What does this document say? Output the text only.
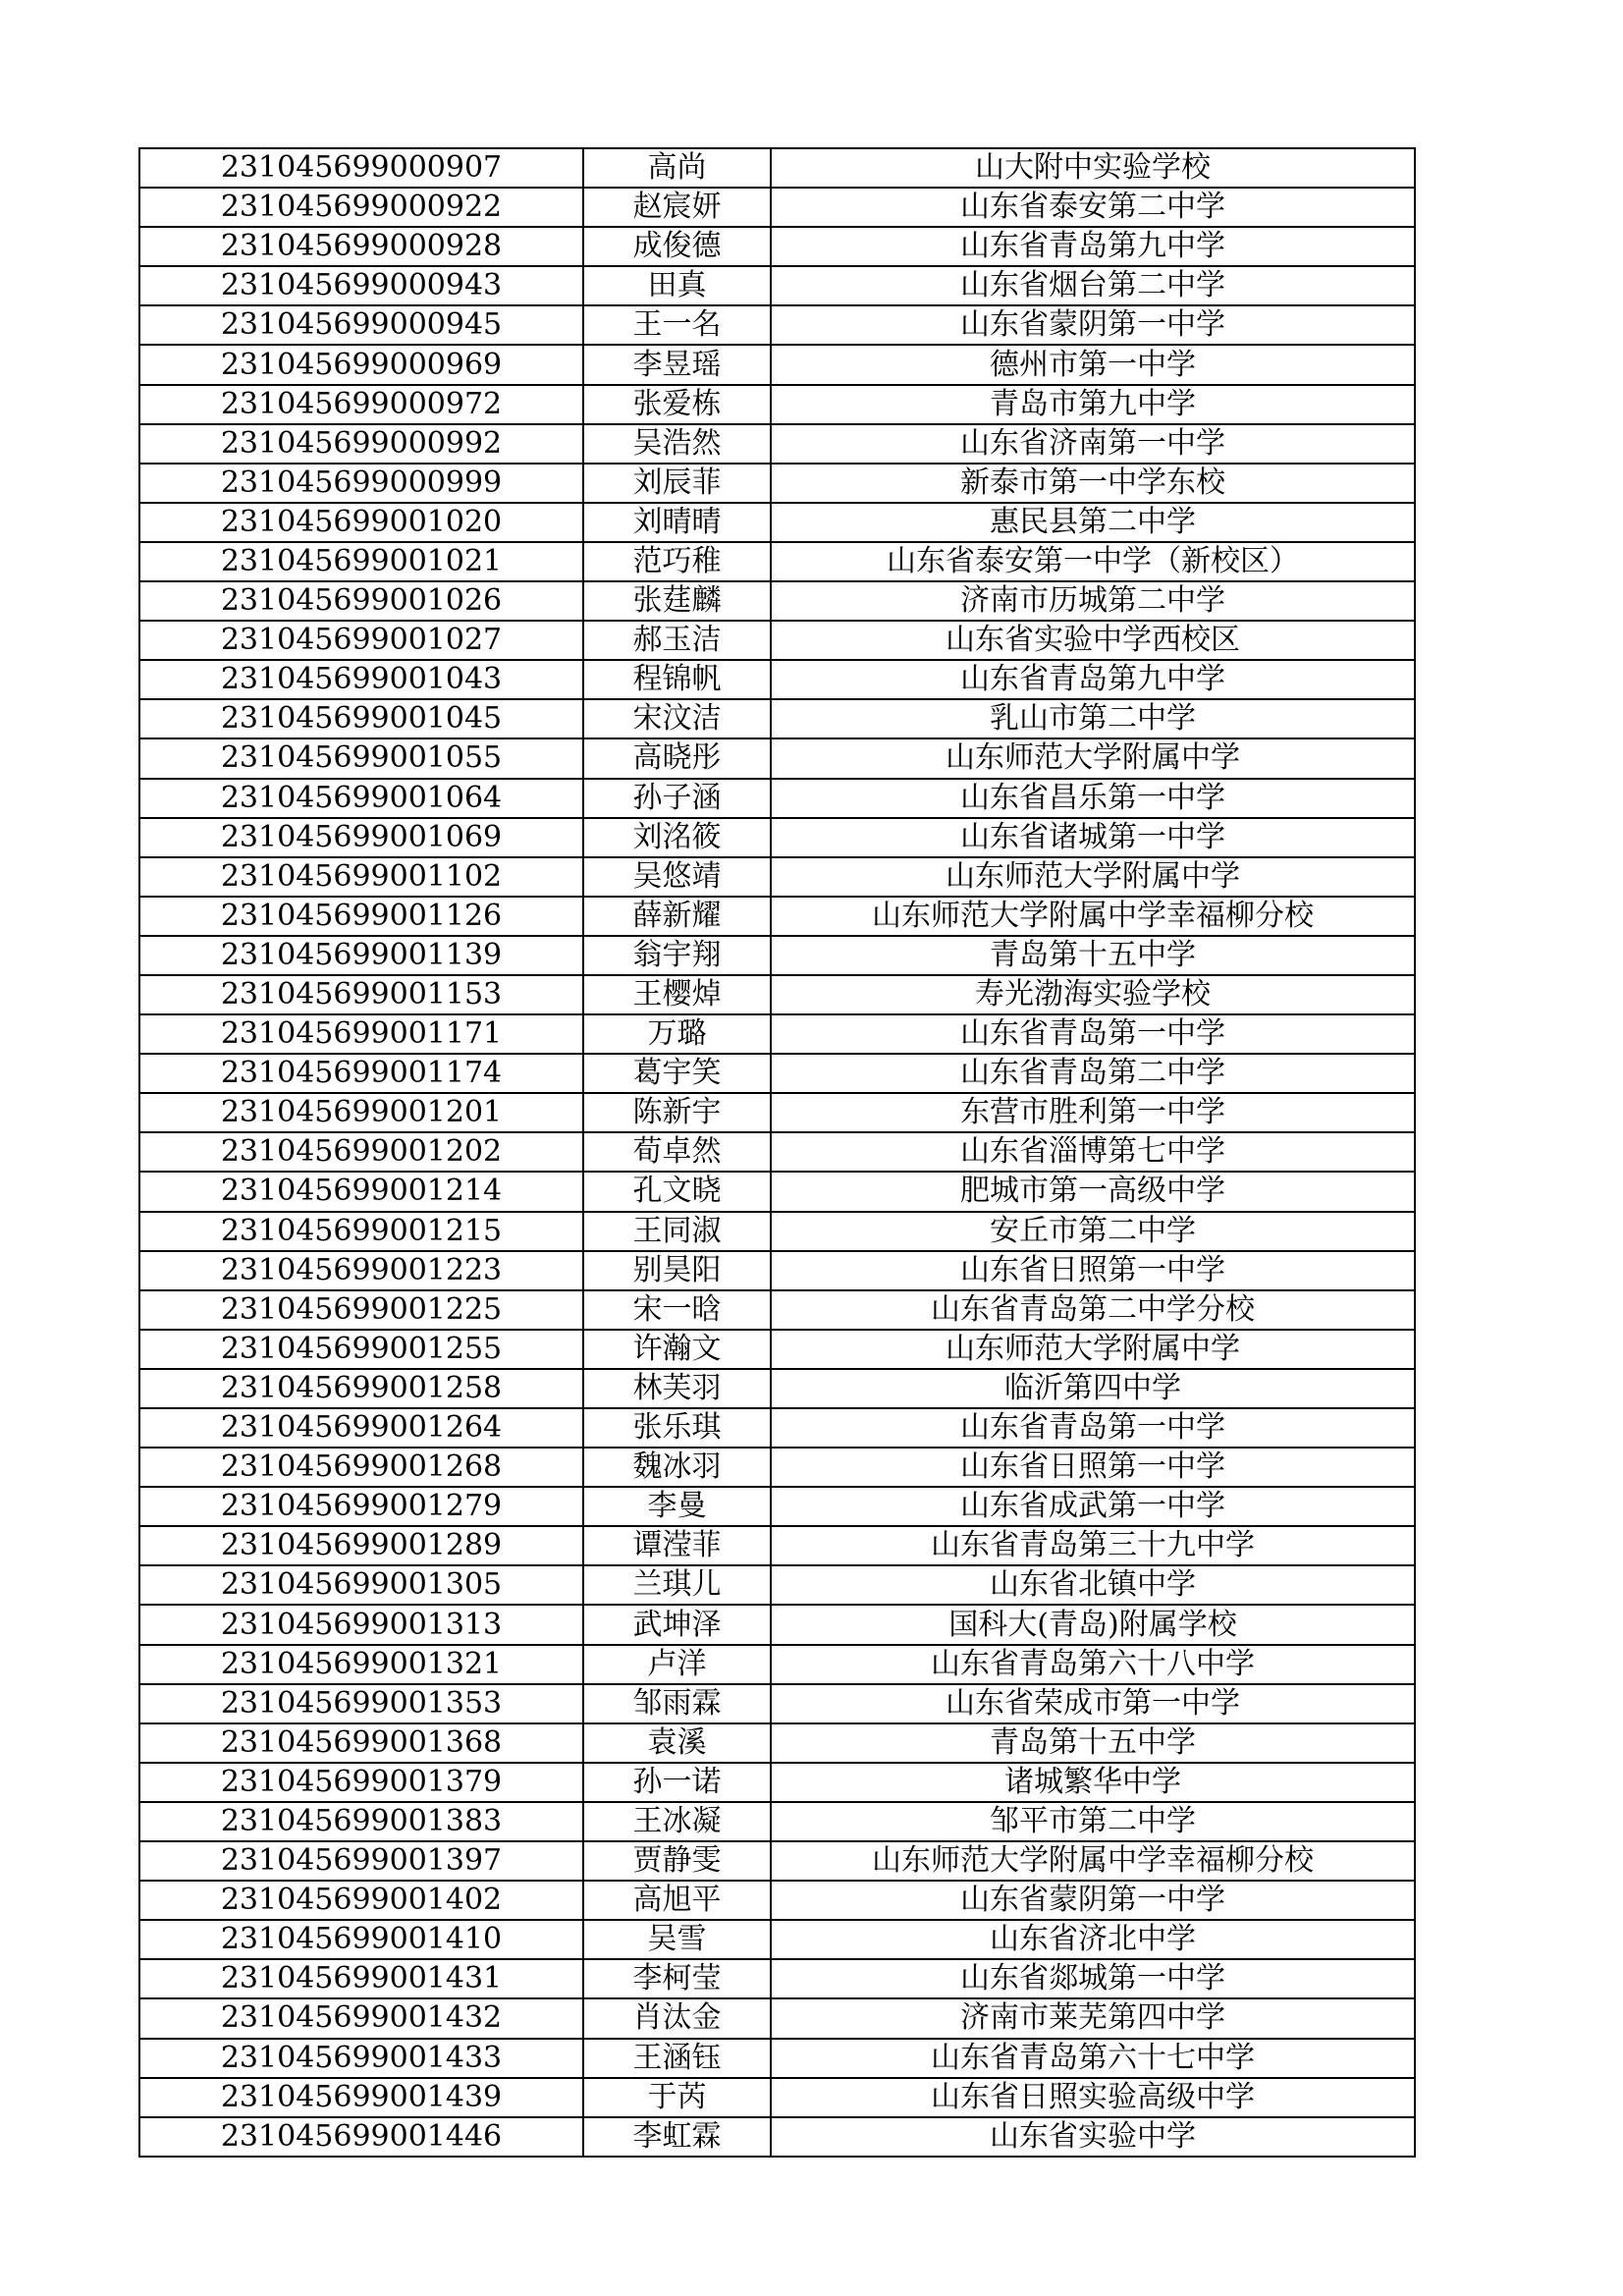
231045699000907	高尚	山大附中实验学校
231045699000922	赵宸妍	山东省泰安第二中学
231045699000928	成俊德	山东省青岛第九中学
231045699000943	田真	山东省烟台第二中学
231045699000945	王一名	山东省蒙阴第一中学
231045699000969	李昱瑶	德州市第一中学
231045699000972	张爱栋	青岛市第九中学
231045699000992	吴浩然	山东省济南第一中学
231045699000999	刘辰菲	新泰市第一中学东校
231045699001020	刘晴晴	惠民县第二中学
231045699001021	范巧稚	山东省泰安第一中学（新校区）
231045699001026	张莛麟	济南市历城第二中学
231045699001027	郝玉洁	山东省实验中学西校区
231045699001043	程锦帆	山东省青岛第九中学
231045699001045	宋汶洁	乳山市第二中学
231045699001055	高晓彤	山东师范大学附属中学
231045699001064	孙子涵	山东省昌乐第一中学
231045699001069	刘洺筱	山东省诸城第一中学
231045699001102	吴悠靖	山东师范大学附属中学
231045699001126	薛新耀	山东师范大学附属中学幸福柳分校
231045699001139	翁宇翔	青岛第十五中学
231045699001153	王樱焯	寿光渤海实验学校
231045699001171	万璐	山东省青岛第一中学
231045699001174	葛宇笑	山东省青岛第二中学
231045699001201	陈新宇	东营市胜利第一中学
231045699001202	荀卓然	山东省淄博第七中学
231045699001214	孔文晓	肥城市第一高级中学
231045699001215	王同淑	安丘市第二中学
231045699001223	别昊阳	山东省日照第一中学
231045699001225	宋一晗	山东省青岛第二中学分校
231045699001255	许瀚文	山东师范大学附属中学
231045699001258	林芙羽	临沂第四中学
231045699001264	张乐琪	山东省青岛第一中学
231045699001268	魏冰羽	山东省日照第一中学
231045699001279	李曼	山东省成武第一中学
231045699001289	谭滢菲	山东省青岛第三十九中学
231045699001305	兰琪儿	山东省北镇中学
231045699001313	武坤泽	国科大(青岛)附属学校
231045699001321	卢洋	山东省青岛第六十八中学
231045699001353	邹雨霖	山东省荣成市第一中学
231045699001368	袁溪	青岛第十五中学
231045699001379	孙一诺	诸城繁华中学
231045699001383	王冰凝	邹平市第二中学
231045699001397	贾静雯	山东师范大学附属中学幸福柳分校
231045699001402	高旭平	山东省蒙阴第一中学
231045699001410	吴雪	山东省济北中学
231045699001431	李柯莹	山东省郯城第一中学
231045699001432	肖汰金	济南市莱芜第四中学
231045699001433	王涵钰	山东省青岛第六十七中学
231045699001439	于芮	山东省日照实验高级中学
231045699001446	李虹霖	山东省实验中学
